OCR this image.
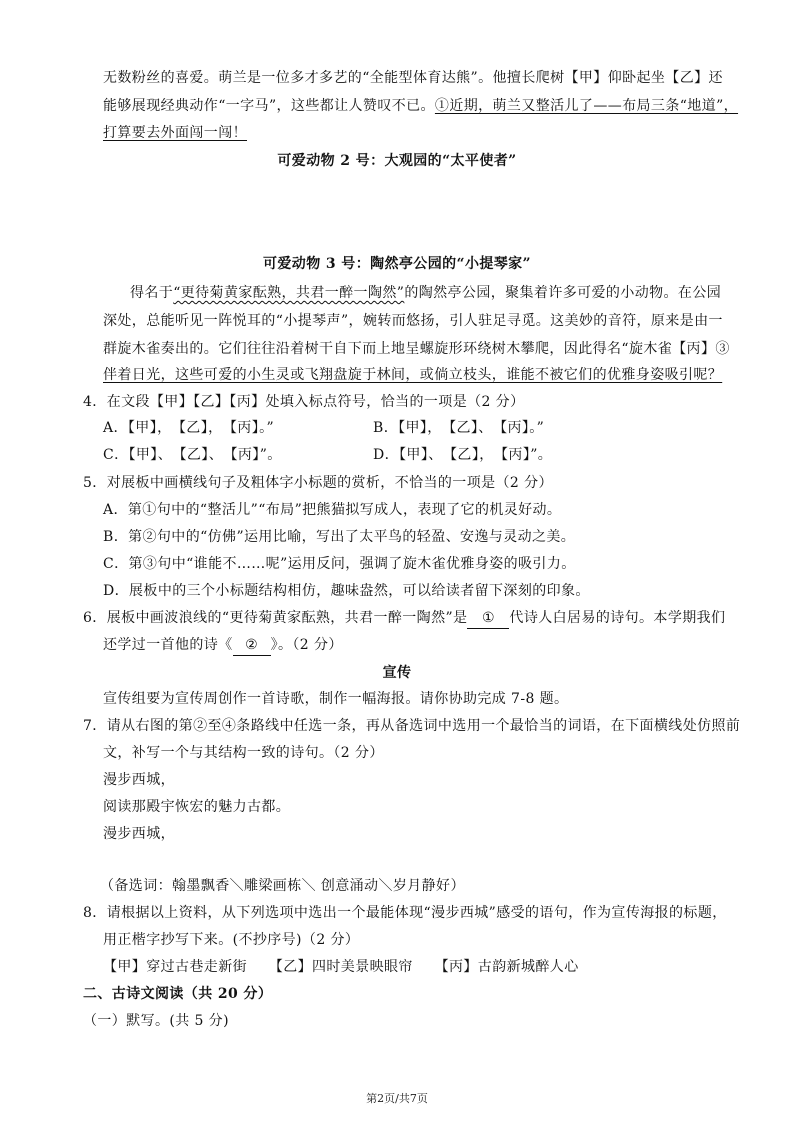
无数粉丝的喜爱。萌兰是一位多才多艺的“全能型体育达熊”。他擅长爬树【甲】仰卧起坐【乙】还
能够展现经典动作“一字马”，这些都让人赞叹不已。①近期，萌兰又整活儿了——布局三条“地道”，
打算要去外面闯一闯！
可爱动物 2 号：大观园的“太平使者”
可爱动物 3 号：陶然亭公园的“小提琴家”
得名于“更待菊黄家酝熟，共君一醉一陶然”的陶然亭公园，聚集着许多可爱的小动物。在公园
深处，总能听见一阵悦耳的“小提琴声”，婉转而悠扬，引人驻足寻觅。这美妙的音符，原来是由一
群旋木雀奏出的。它们往往沿着树干自下而上地呈螺旋形环绕树木攀爬，因此得名“旋木雀【丙】③
伴着日光，这些可爱的小生灵或飞翔盘旋于林间，或倘立枝头，谁能不被它们的优雅身姿吸引呢？
4．在文段【甲】【乙】【丙】处填入标点符号，恰当的一项是（2 分）
A．【甲】，　【乙】，　【丙】。”	B．【甲】，　【乙】、　【丙】。”
C．【甲】、　【乙】、　【丙】”。	D．【甲】、　【乙】，　【丙】”。
5．对展板中画横线句子及粗体字小标题的赏析，不恰当的一项是（2 分）
A．第①句中的“整活儿”“布局”把熊猫拟写成人，表现了它的机灵好动。
B．第②句中的“仿佛”运用比喻，写出了太平鸟的轻盈、安逸与灵动之美。
C．第③句中“谁能不……呢”运用反问，强调了旋木雀优雅身姿的吸引力。
D．展板中的三个小标题结构相仿，趣味盎然，可以给读者留下深刻的印象。
6．展板中画波浪线的“更待菊黄家酝熟，共君一醉一陶然”是 ① 代诗人白居易的诗句。本学期我们
还学过一首他的诗《 ② 》。（2 分）
宣传
宣传组要为宣传周创作一首诗歌，制作一幅海报。请你协助完成 7-8 题。
7．请从右图的第②至④条路线中任选一条，再从备选词中选用一个最恰当的词语，在下面横线处仿照前
文，补写一个与其结构一致的诗句。（2 分）
漫步西城，
阅读那殿宇恢宏的魅力古都。
漫步西城，
（备选词：翰墨飘香＼雕梁画栋＼ 创意涌动＼岁月静好）
8．请根据以上资料，从下列选项中选出一个最能体现“漫步西城”感受的语句，作为宣传海报的标题，
用正楷字抄写下来。(不抄序号)（2 分）
【甲】穿过古巷走新街　　【乙】四时美景映眼帘　　【丙】古韵新城醉人心
二、古诗文阅读（共 20 分）
（一）默写。(共 5 分)
第2页/共7页
